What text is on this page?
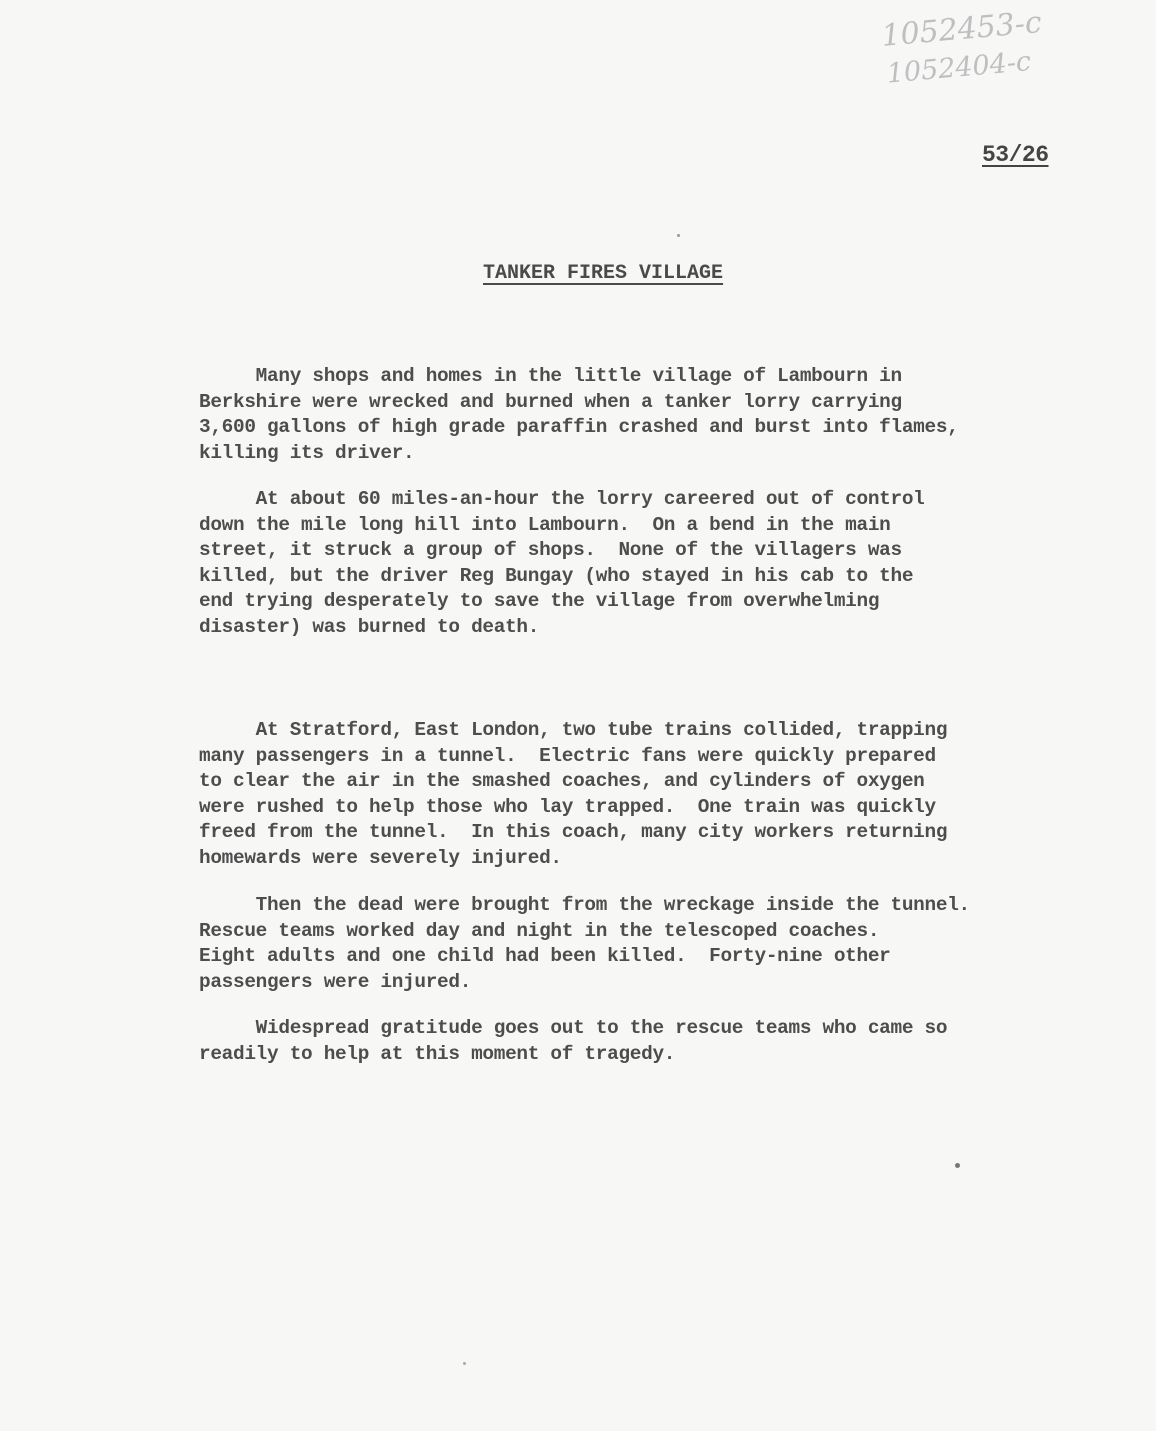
1052453-c
1052404-c
53/26
TANKER FIRES VILLAGE
Many shops and homes in the little village of Lambourn in
Berkshire were wrecked and burned when a tanker lorry carrying
3,600 gallons of high grade paraffin crashed and burst into flames,
killing its driver.
At about 60 miles-an-hour the lorry careered out of control
down the mile long hill into Lambourn.  On a bend in the main
street, it struck a group of shops.  None of the villagers was
killed, but the driver Reg Bungay (who stayed in his cab to the
end trying desperately to save the village from overwhelming
disaster) was burned to death.
At Stratford, East London, two tube trains collided, trapping
many passengers in a tunnel.  Electric fans were quickly prepared
to clear the air in the smashed coaches, and cylinders of oxygen
were rushed to help those who lay trapped.  One train was quickly
freed from the tunnel.  In this coach, many city workers returning
homewards were severely injured.
Then the dead were brought from the wreckage inside the tunnel.
Rescue teams worked day and night in the telescoped coaches.
Eight adults and one child had been killed.  Forty-nine other
passengers were injured.
Widespread gratitude goes out to the rescue teams who came so
readily to help at this moment of tragedy.
